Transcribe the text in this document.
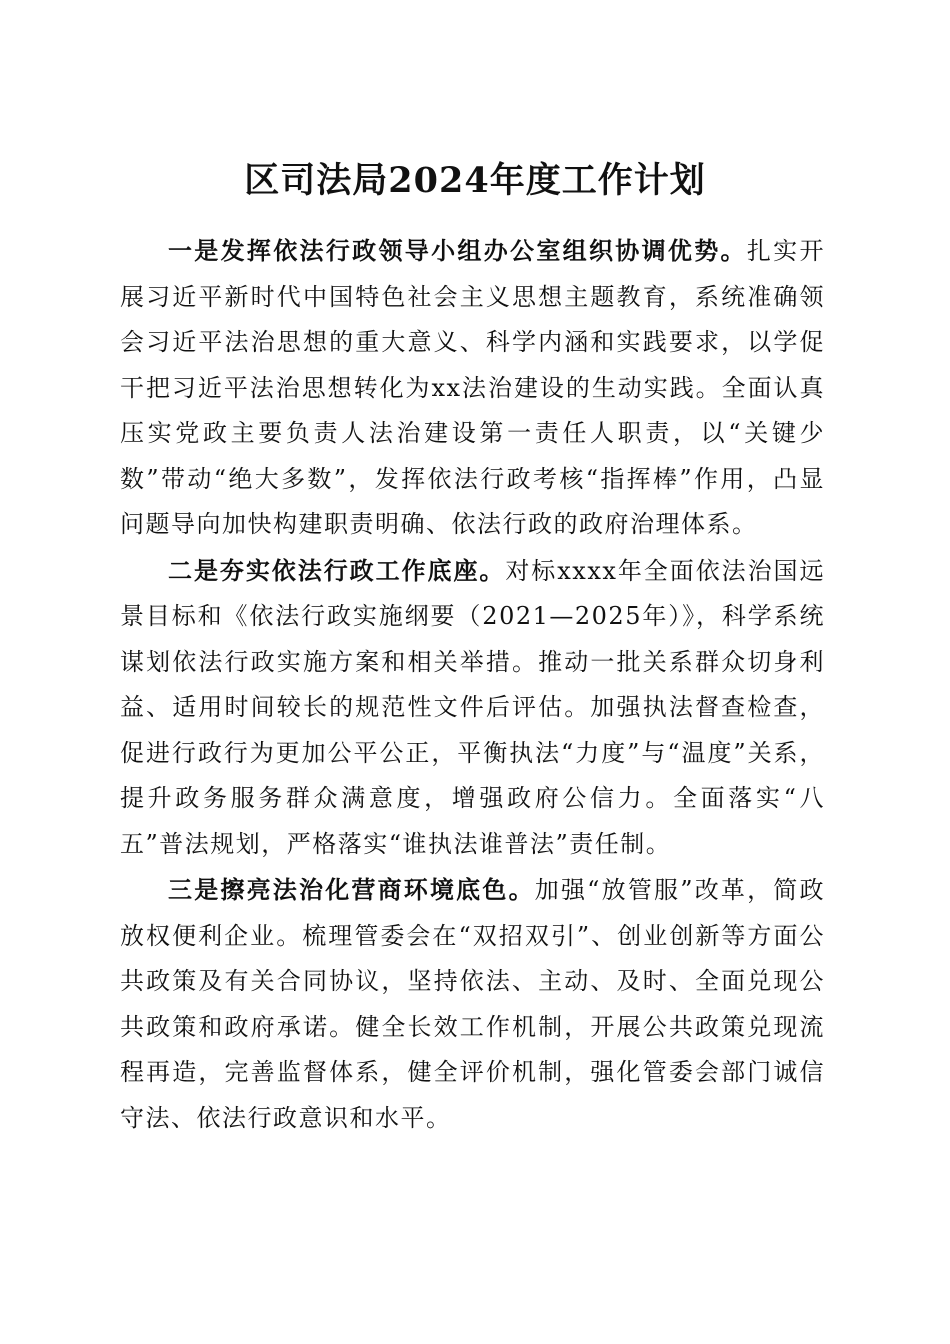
区司法局2024年度工作计划

一是发挥依法行政领导小组办公室组织协调优势。扎实开展习近平新时代中国特色社会主义思想主题教育，系统准确领会习近平法治思想的重大意义、科学内涵和实践要求，以学促干把习近平法治思想转化为xx法治建设的生动实践。全面认真压实党政主要负责人法治建设第一责任人职责，以“关键少数”带动“绝大多数”，发挥依法行政考核“指挥棒”作用，凸显问题导向加快构建职责明确、依法行政的政府治理体系。

二是夯实依法行政工作底座。对标xxxx年全面依法治国远景目标和《依法行政实施纲要（2021—2025年）》，科学系统谋划依法行政实施方案和相关举措。推动一批关系群众切身利益、适用时间较长的规范性文件后评估。加强执法督查检查，促进行政行为更加公平公正，平衡执法“力度”与“温度”关系，提升政务服务群众满意度，增强政府公信力。全面落实“八五”普法规划，严格落实“谁执法谁普法”责任制。

三是擦亮法治化营商环境底色。加强“放管服”改革，简政放权便利企业。梳理管委会在“双招双引”、创业创新等方面公共政策及有关合同协议，坚持依法、主动、及时、全面兑现公共政策和政府承诺。健全长效工作机制，开展公共政策兑现流程再造，完善监督体系，健全评价机制，强化管委会部门诚信守法、依法行政意识和水平。
